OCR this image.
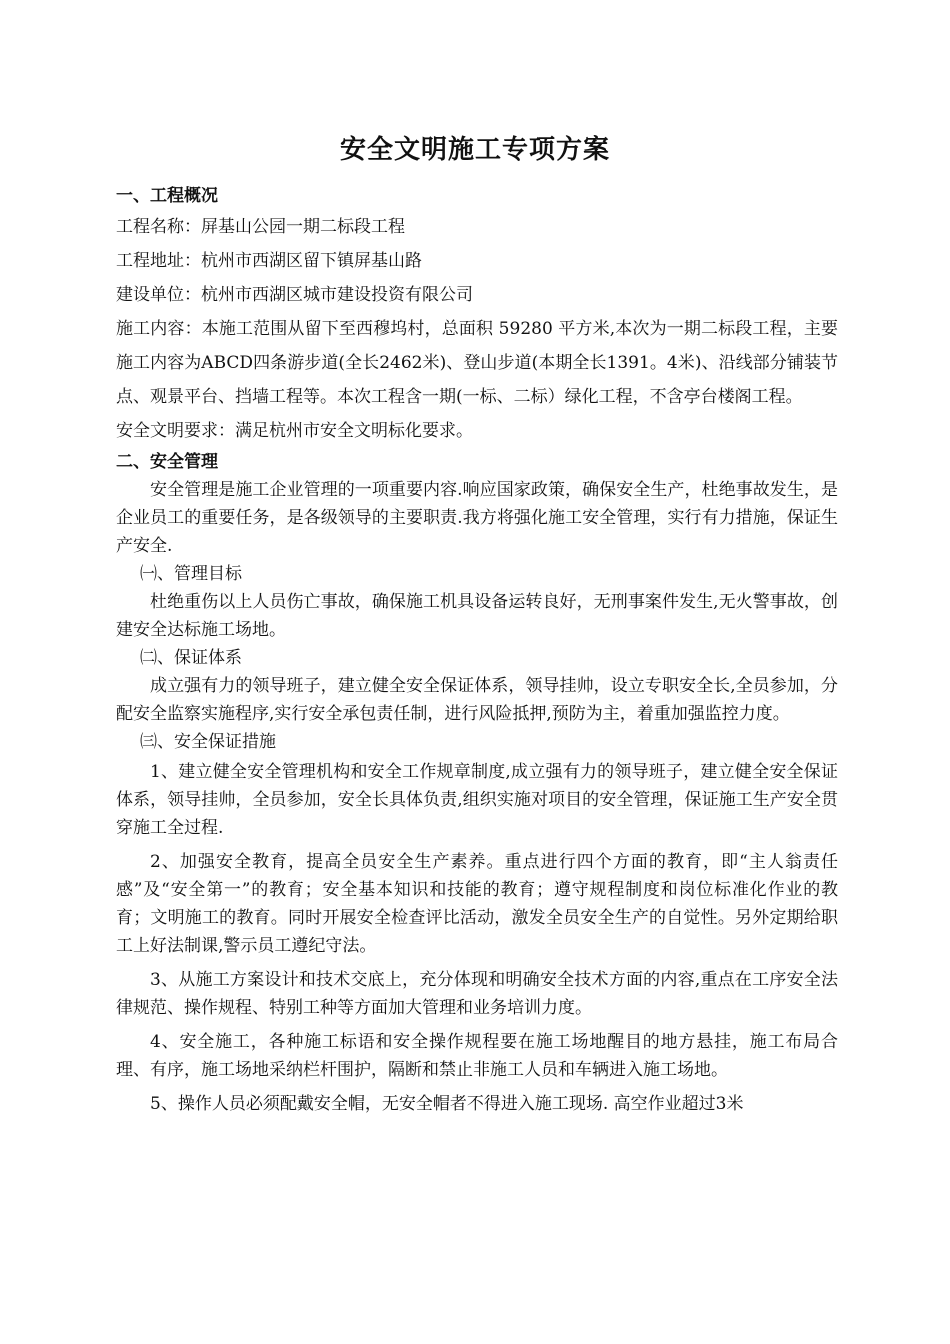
安全文明施工专项方案

一、工程概况

工程名称：屏基山公园一期二标段工程

工程地址：杭州市西湖区留下镇屏基山路

建设单位：杭州市西湖区城市建设投资有限公司

施工内容：本施工范围从留下至西穆坞村，总面积 59280 平方米,本次为一期二标段工程，主要施工内容为ABCD四条游步道(全长2462米)、登山步道(本期全长1391。4米)、沿线部分铺装节点、观景平台、挡墙工程等。本次工程含一期(一标、二标）绿化工程，不含亭台楼阁工程。

安全文明要求：满足杭州市安全文明标化要求。

二、安全管理

安全管理是施工企业管理的一项重要内容.响应国家政策，确保安全生产，杜绝事故发生，是企业员工的重要任务，是各级领导的主要职责.我方将强化施工安全管理，实行有力措施，保证生产安全.

㈠、管理目标

杜绝重伤以上人员伤亡事故，确保施工机具设备运转良好，无刑事案件发生,无火警事故，创建安全达标施工场地。

㈡、保证体系

成立强有力的领导班子，建立健全安全保证体系，领导挂帅，设立专职安全长,全员参加，分配安全监察实施程序,实行安全承包责任制，进行风险抵押,预防为主，着重加强监控力度。

㈢、安全保证措施

1、建立健全安全管理机构和安全工作规章制度,成立强有力的领导班子，建立健全安全保证体系，领导挂帅，全员参加，安全长具体负责,组织实施对项目的安全管理，保证施工生产安全贯穿施工全过程.

2、加强安全教育，提高全员安全生产素养。重点进行四个方面的教育，即“主人翁责任感”及“安全第一”的教育；安全基本知识和技能的教育；遵守规程制度和岗位标准化作业的教育；文明施工的教育。同时开展安全检查评比活动，激发全员安全生产的自觉性。另外定期给职工上好法制课,警示员工遵纪守法。

3、从施工方案设计和技术交底上，充分体现和明确安全技术方面的内容,重点在工序安全法律规范、操作规程、特别工种等方面加大管理和业务培训力度。

4、安全施工，各种施工标语和安全操作规程要在施工场地醒目的地方悬挂，施工布局合理、有序，施工场地采纳栏杆围护，隔断和禁止非施工人员和车辆进入施工场地。

5、操作人员必须配戴安全帽，无安全帽者不得进入施工现场. 高空作业超过3米
